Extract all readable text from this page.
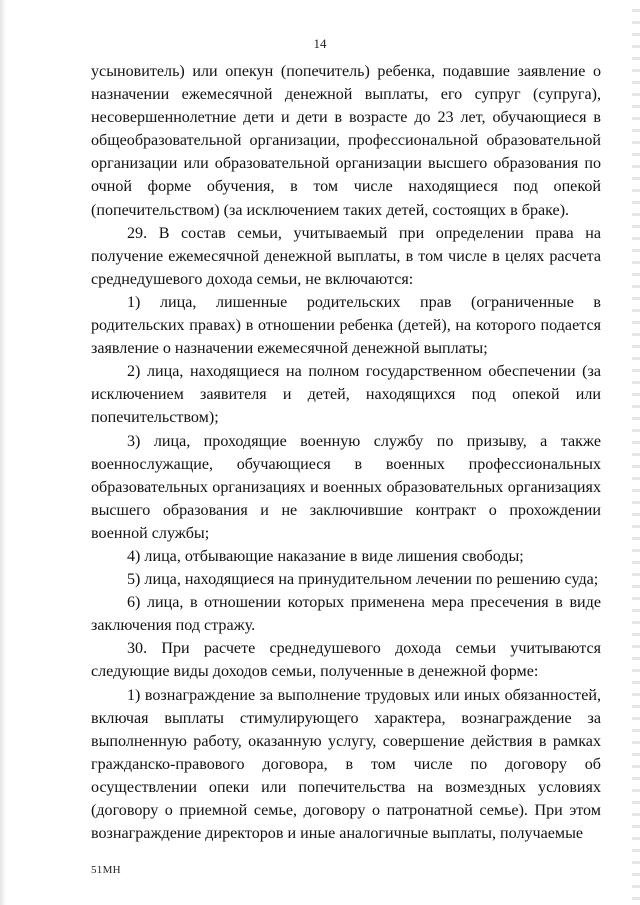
14

усыновитель) или опекун (попечитель) ребенка, подавшие заявление о назначении ежемесячной денежной выплаты, его супруг (супруга), несовершеннолетние дети и дети в возрасте до 23 лет, обучающиеся в общеобразовательной организации, профессиональной образовательной организации или образовательной организации высшего образования по очной форме обучения, в том числе находящиеся под опекой (попечительством) (за исключением таких детей, состоящих в браке).

29. В состав семьи, учитываемый при определении права на получение ежемесячной денежной выплаты, в том числе в целях расчета среднедушевого дохода семьи, не включаются:

1) лица, лишенные родительских прав (ограниченные в родительских правах) в отношении ребенка (детей), на которого подается заявление о назначении ежемесячной денежной выплаты;

2) лица, находящиеся на полном государственном обеспечении (за исключением заявителя и детей, находящихся под опекой или попечительством);

3) лица, проходящие военную службу по призыву, а также военнослужащие, обучающиеся в военных профессиональных образовательных организациях и военных образовательных организациях высшего образования и не заключившие контракт о прохождении военной службы;

4) лица, отбывающие наказание в виде лишения свободы;

5) лица, находящиеся на принудительном лечении по решению суда;

6) лица, в отношении которых применена мера пресечения в виде заключения под стражу.

30. При расчете среднедушевого дохода семьи учитываются следующие виды доходов семьи, полученные в денежной форме:

1) вознаграждение за выполнение трудовых или иных обязанностей, включая выплаты стимулирующего характера, вознаграждение за выполненную работу, оказанную услугу, совершение действия в рамках гражданско-правового договора, в том числе по договору об осуществлении опеки или попечительства на возмездных условиях (договору о приемной семье, договору о патронатной семье). При этом вознаграждение директоров и иные аналогичные выплаты, получаемые

51МН
